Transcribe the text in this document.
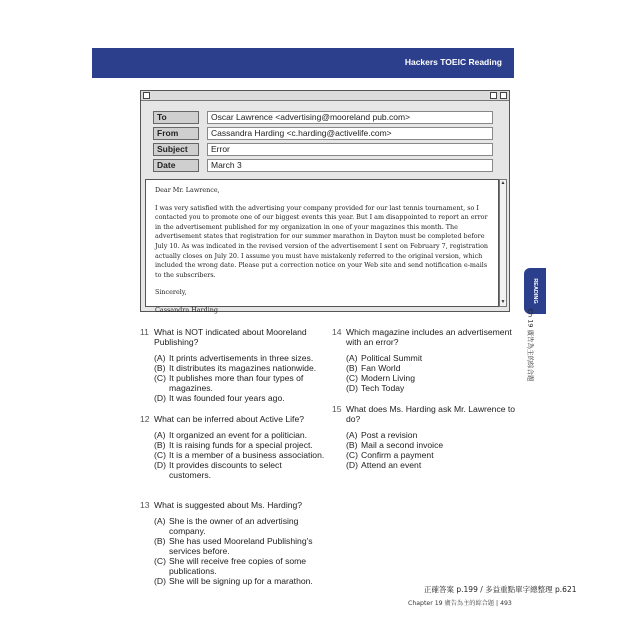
Hackers TOEIC Reading
To	Oscar Lawrence <advertising@mooreland pub.com>
From	Cassandra Harding <c.harding@activelife.com>
Subject	Error
Date	March 3

Dear Mr. Lawrence,

I was very satisfied with the advertising your company provided for our last tennis tournament, so I contacted you to promote one of our biggest events this year. But I am disappointed to report an error in the advertisement published for my organization in one of your magazines this month. The advertisement states that registration for our summer marathon in Dayton must be completed before July 10. As was indicated in the revised version of the advertisement I sent on February 7, registration actually closes on July 20. I assume you must have mistakenly referred to the original version, which included the wrong date. Please put a correction notice on your Web site and send notification e-mails to the subscribers.

Sincerely,

Cassandra Harding

▲
▼	READING
Ch 19 廣告為主的綜合題
11 What is NOT indicated about Mooreland Publishing?
(A) It prints advertisements in three sizes.
(B) It distributes its magazines nationwide.
(C) It publishes more than four types of magazines.
(D) It was founded four years ago.
12 What can be inferred about Active Life?
(A) It organized an event for a politician.
(B) It is raising funds for a special project.
(C) It is a member of a business association.
(D) It provides discounts to select customers.
13 What is suggested about Ms. Harding?
(A) She is the owner of an advertising company.
(B) She has used Mooreland Publishing's services before.
(C) She will receive free copies of some publications.
(D) She will be signing up for a marathon.
14 Which magazine includes an advertisement with an error?
(A) Political Summit
(B) Fan World
(C) Modern Living
(D) Tech Today
15 What does Ms. Harding ask Mr. Lawrence to do?
(A) Post a revision
(B) Mail a second invoice
(C) Confirm a payment
(D) Attend an event
正確答案 p.199 / 多益重點單字總整理 p.621
Chapter 19 廣告為主的綜合題 | 493
